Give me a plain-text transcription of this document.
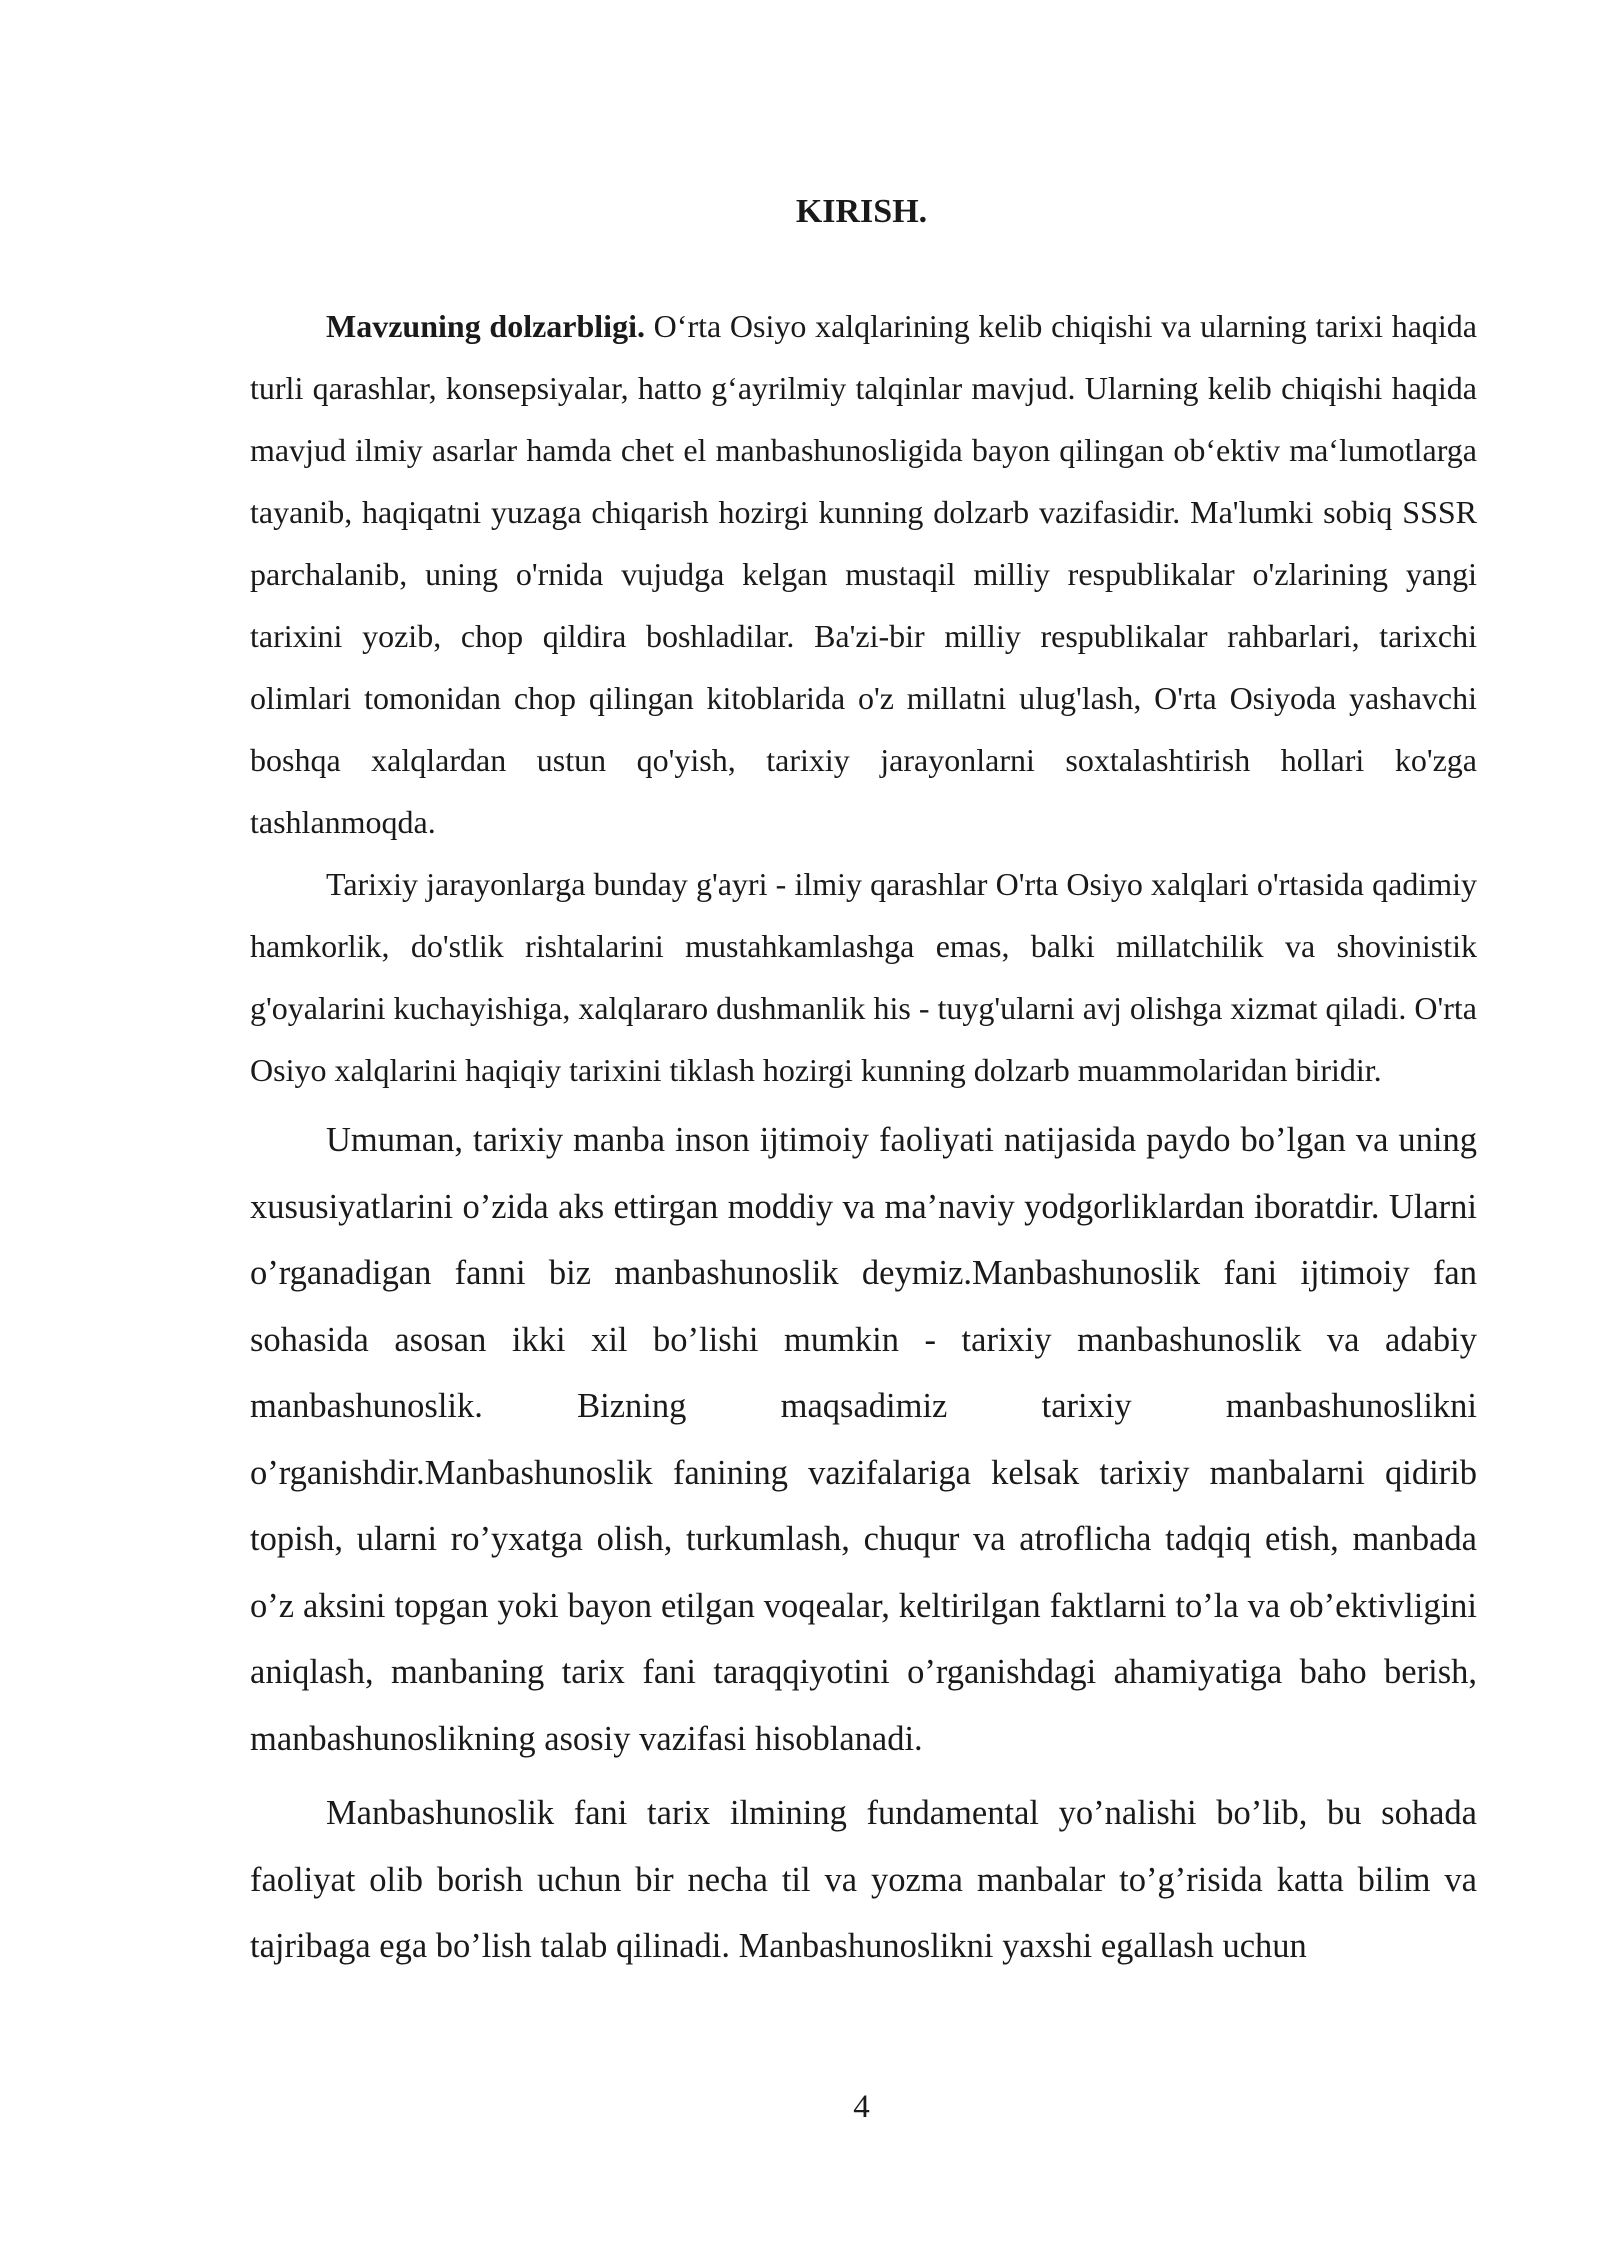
KIRISH.

Mavzuning dolzarbligi. O‘rta Osiyo xalqlarining kelib chiqishi va ularning tarixi haqida turli qarashlar, konsepsiyalar, hatto g‘ayrilmiy talqinlar mavjud. Ularning kelib chiqishi haqida mavjud ilmiy asarlar hamda chet el manbashunosligida bayon qilingan ob‘ektiv ma‘lumotlarga tayanib, haqiqatni yuzaga chiqarish hozirgi kunning dolzarb vazifasidir. Ma'lumki sobiq SSSR parchalanib, uning o'rnida vujudga kelgan mustaqil milliy respublikalar o'zlarining yangi tarixini yozib, chop qildira boshladilar. Ba'zi-bir milliy respublikalar rahbarlari, tarixchi olimlari tomonidan chop qilingan kitoblarida o'z millatni ulug'lash, O'rta Osiyoda yashavchi boshqa xalqlardan ustun qo'yish, tarixiy jarayonlarni soxtalashtirish hollari ko'zga tashlanmoqda.

Tarixiy jarayonlarga bunday g'ayri - ilmiy qarashlar O'rta Osiyo xalqlari o'rtasida qadimiy hamkorlik, do'stlik rishtalarini mustahkamlashga emas, balki millatchilik va shovinistik g'oyalarini kuchayishiga, xalqlararo dushmanlik his - tuyg'ularni avj olishga xizmat qiladi. O'rta Osiyo xalqlarini haqiqiy tarixini tiklash hozirgi kunning dolzarb muammolaridan biridir.

Umuman, tarixiy manba inson ijtimoiy faoliyati natijasida paydo bo’lgan va uning xususiyatlarini o’zida aks ettirgan moddiy va ma’naviy yodgorliklardan iboratdir. Ularni o’rganadigan fanni biz manbashunoslik deymiz.Manbashunoslik fani ijtimoiy fan sohasida asosan ikki xil bo’lishi mumkin - tarixiy manbashunoslik va adabiy manbashunoslik. Bizning maqsadimiz tarixiy manbashunoslikni o’rganishdir.Manbashunoslik fanining vazifalariga kelsak tarixiy manbalarni qidirib topish, ularni ro’yxatga olish, turkumlash, chuqur va atroflicha tadqiq etish, manbada o’z aksini topgan yoki bayon etilgan voqealar, keltirilgan faktlarni to’la va ob’ektivligini aniqlash, manbaning tarix fani taraqqiyotini o’rganishdagi ahamiyatiga baho berish, manbashunoslikning asosiy vazifasi hisoblanadi.

Manbashunoslik fani tarix ilmining fundamental yo’nalishi bo’lib, bu sohada faoliyat olib borish uchun bir necha til va yozma manbalar to’g’risida katta bilim va tajribaga ega bo’lish talab qilinadi. Manbashunoslikni yaxshi egallash uchun

4
